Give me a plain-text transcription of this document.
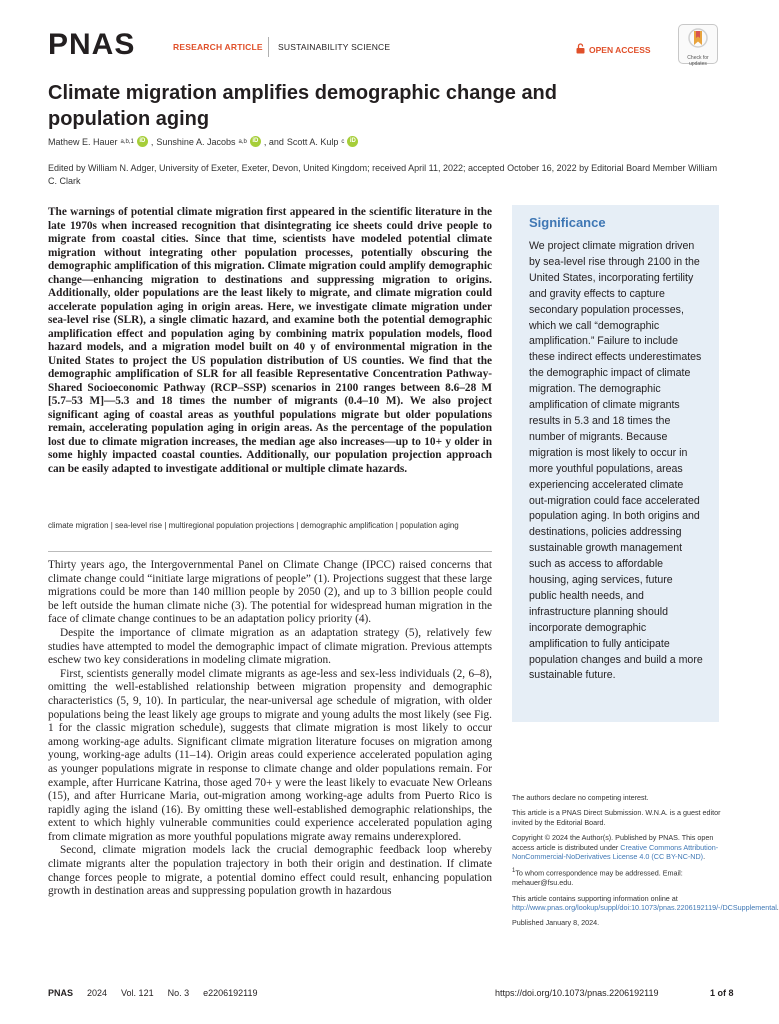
PNAS	RESEARCH ARTICLE SUSTAINABILITY SCIENCE	OPEN ACCESS
Check for updates
Climate migration amplifies demographic change and population aging
Mathew E. Hauer a,b,1 iD , Sunshine A. Jacobs a,b iD , and Scott A. Kulp c iD
Edited by William N. Adger, University of Exeter, Exeter, Devon, United Kingdom; received April 11, 2022; accepted October 16, 2022 by Editorial Board Member William C. Clark
The warnings of potential climate migration first appeared in the scientific literature in the late 1970s when increased recognition that disintegrating ice sheets could drive people to migrate from coastal cities. Since that time, scientists have modeled potential climate migration without integrating other population processes, potentially obscuring the demographic amplification of this migration. Climate migration could amplify demographic change—enhancing migration to destinations and suppressing migration to origins. Additionally, older populations are the least likely to migrate, and climate migration could accelerate population aging in origin areas. Here, we investigate climate migration under sea-level rise (SLR), a single climatic hazard, and examine both the potential demographic amplification effect and population aging by combining matrix population models, flood hazard models, and a migration model built on 40 y of environmental migration in the United States to project the US population distribution of US counties. We find that the demographic amplification of SLR for all feasible Representative Concentration Pathway-Shared Socioeconomic Pathway (RCP–SSP) scenarios in 2100 ranges between 8.6–28 M [5.7–53 M]—5.3 and 18 times the number of migrants (0.4–10 M). We also project significant aging of coastal areas as youthful populations migrate but older populations remain, accelerating population aging in origin areas. As the percentage of the population lost due to climate migration increases, the median age also increases—up to 10+ y older in some highly impacted coastal counties. Additionally, our population projection approach can be easily adapted to investigate additional or multiple climate hazards.
climate migration | sea-level rise | multiregional population projections | demographic amplification | population aging

Thirty years ago, the Intergovernmental Panel on Climate Change (IPCC) raised concerns that climate change could “initiate large migrations of people” (1). Projections suggest that these large migrations could be more than 140 million people by 2050 (2), and up to 3 billion people could be left outside the human climate niche (3). The potential for widespread human migration in the face of climate change continues to be an adaptation policy priority (4).

Despite the importance of climate migration as an adaptation strategy (5), relatively few studies have attempted to model the demographic impact of climate migration. Previous attempts eschew two key considerations in modeling climate migration.

First, scientists generally model climate migrants as age-less and sex-less individuals (2, 6–8), omitting the well-established relationship between migration propensity and demographic characteristics (5, 9, 10). In particular, the near-universal age schedule of migration, with older populations being the least likely age groups to migrate and young adults the most likely (see Fig. 1 for the classic migration schedule), suggests that climate migration is most likely to occur among working-age adults. Significant climate migration literature focuses on migration among young, working-age adults (11–14). Origin areas could experience accelerated population aging as younger populations migrate in response to climate change and older populations remain. For example, after Hurricane Katrina, those aged 70+ y were the least likely to evacuate New Orleans (15), and after Hurricane Maria, out-migration among working-age adults from Puerto Rico is rapidly aging the island (16). By omitting these well-established demographic relationships, the extent to which highly vulnerable communities could experience accelerated population aging from climate migration as more youthful populations migrate away remains underexplored.

Second, climate migration models lack the crucial demographic feedback loop whereby climate migrants alter the population trajectory in both their origin and destination. If climate change forces people to migrate, a potential domino effect could result, enhancing population growth in destination areas and suppressing population growth in hazardous

Significance
We project climate migration driven by sea-level rise through 2100 in the United States, incorporating fertility and gravity effects to capture secondary population processes, which we call “demographic amplification.” Failure to include these indirect effects underestimates the demographic impact of climate migration. The demographic amplification of climate migrants results in 5.3 and 18 times the number of migrants. Because migration is most likely to occur in more youthful populations, areas experiencing accelerated climate out-migration could face accelerated population aging. In both origins and destinations, policies addressing sustainable growth management such as access to affordable housing, aging services, future public health needs, and infrastructure planning should incorporate demographic amplification to fully anticipate population changes and build a more sustainable future.

The authors declare no competing interest.

This article is a PNAS Direct Submission. W.N.A. is a guest editor invited by the Editorial Board.

Copyright © 2024 the Author(s). Published by PNAS. This open access article is distributed under Creative Commons Attribution-NonCommercial-NoDerivatives License 4.0 (CC BY-NC-ND).

$^1$To whom correspondence may be addressed. Email: mehauer@fsu.edu.

This article contains supporting information online at http://www.pnas.org/lookup/suppl/doi:10.1073/pnas.2206192119/-/DCSupplemental.

Published January 8, 2024.

PNAS 2024 Vol. 121 No. 3 e2206192119	https://doi.org/10.1073/pnas.2206192119	1 of 8
